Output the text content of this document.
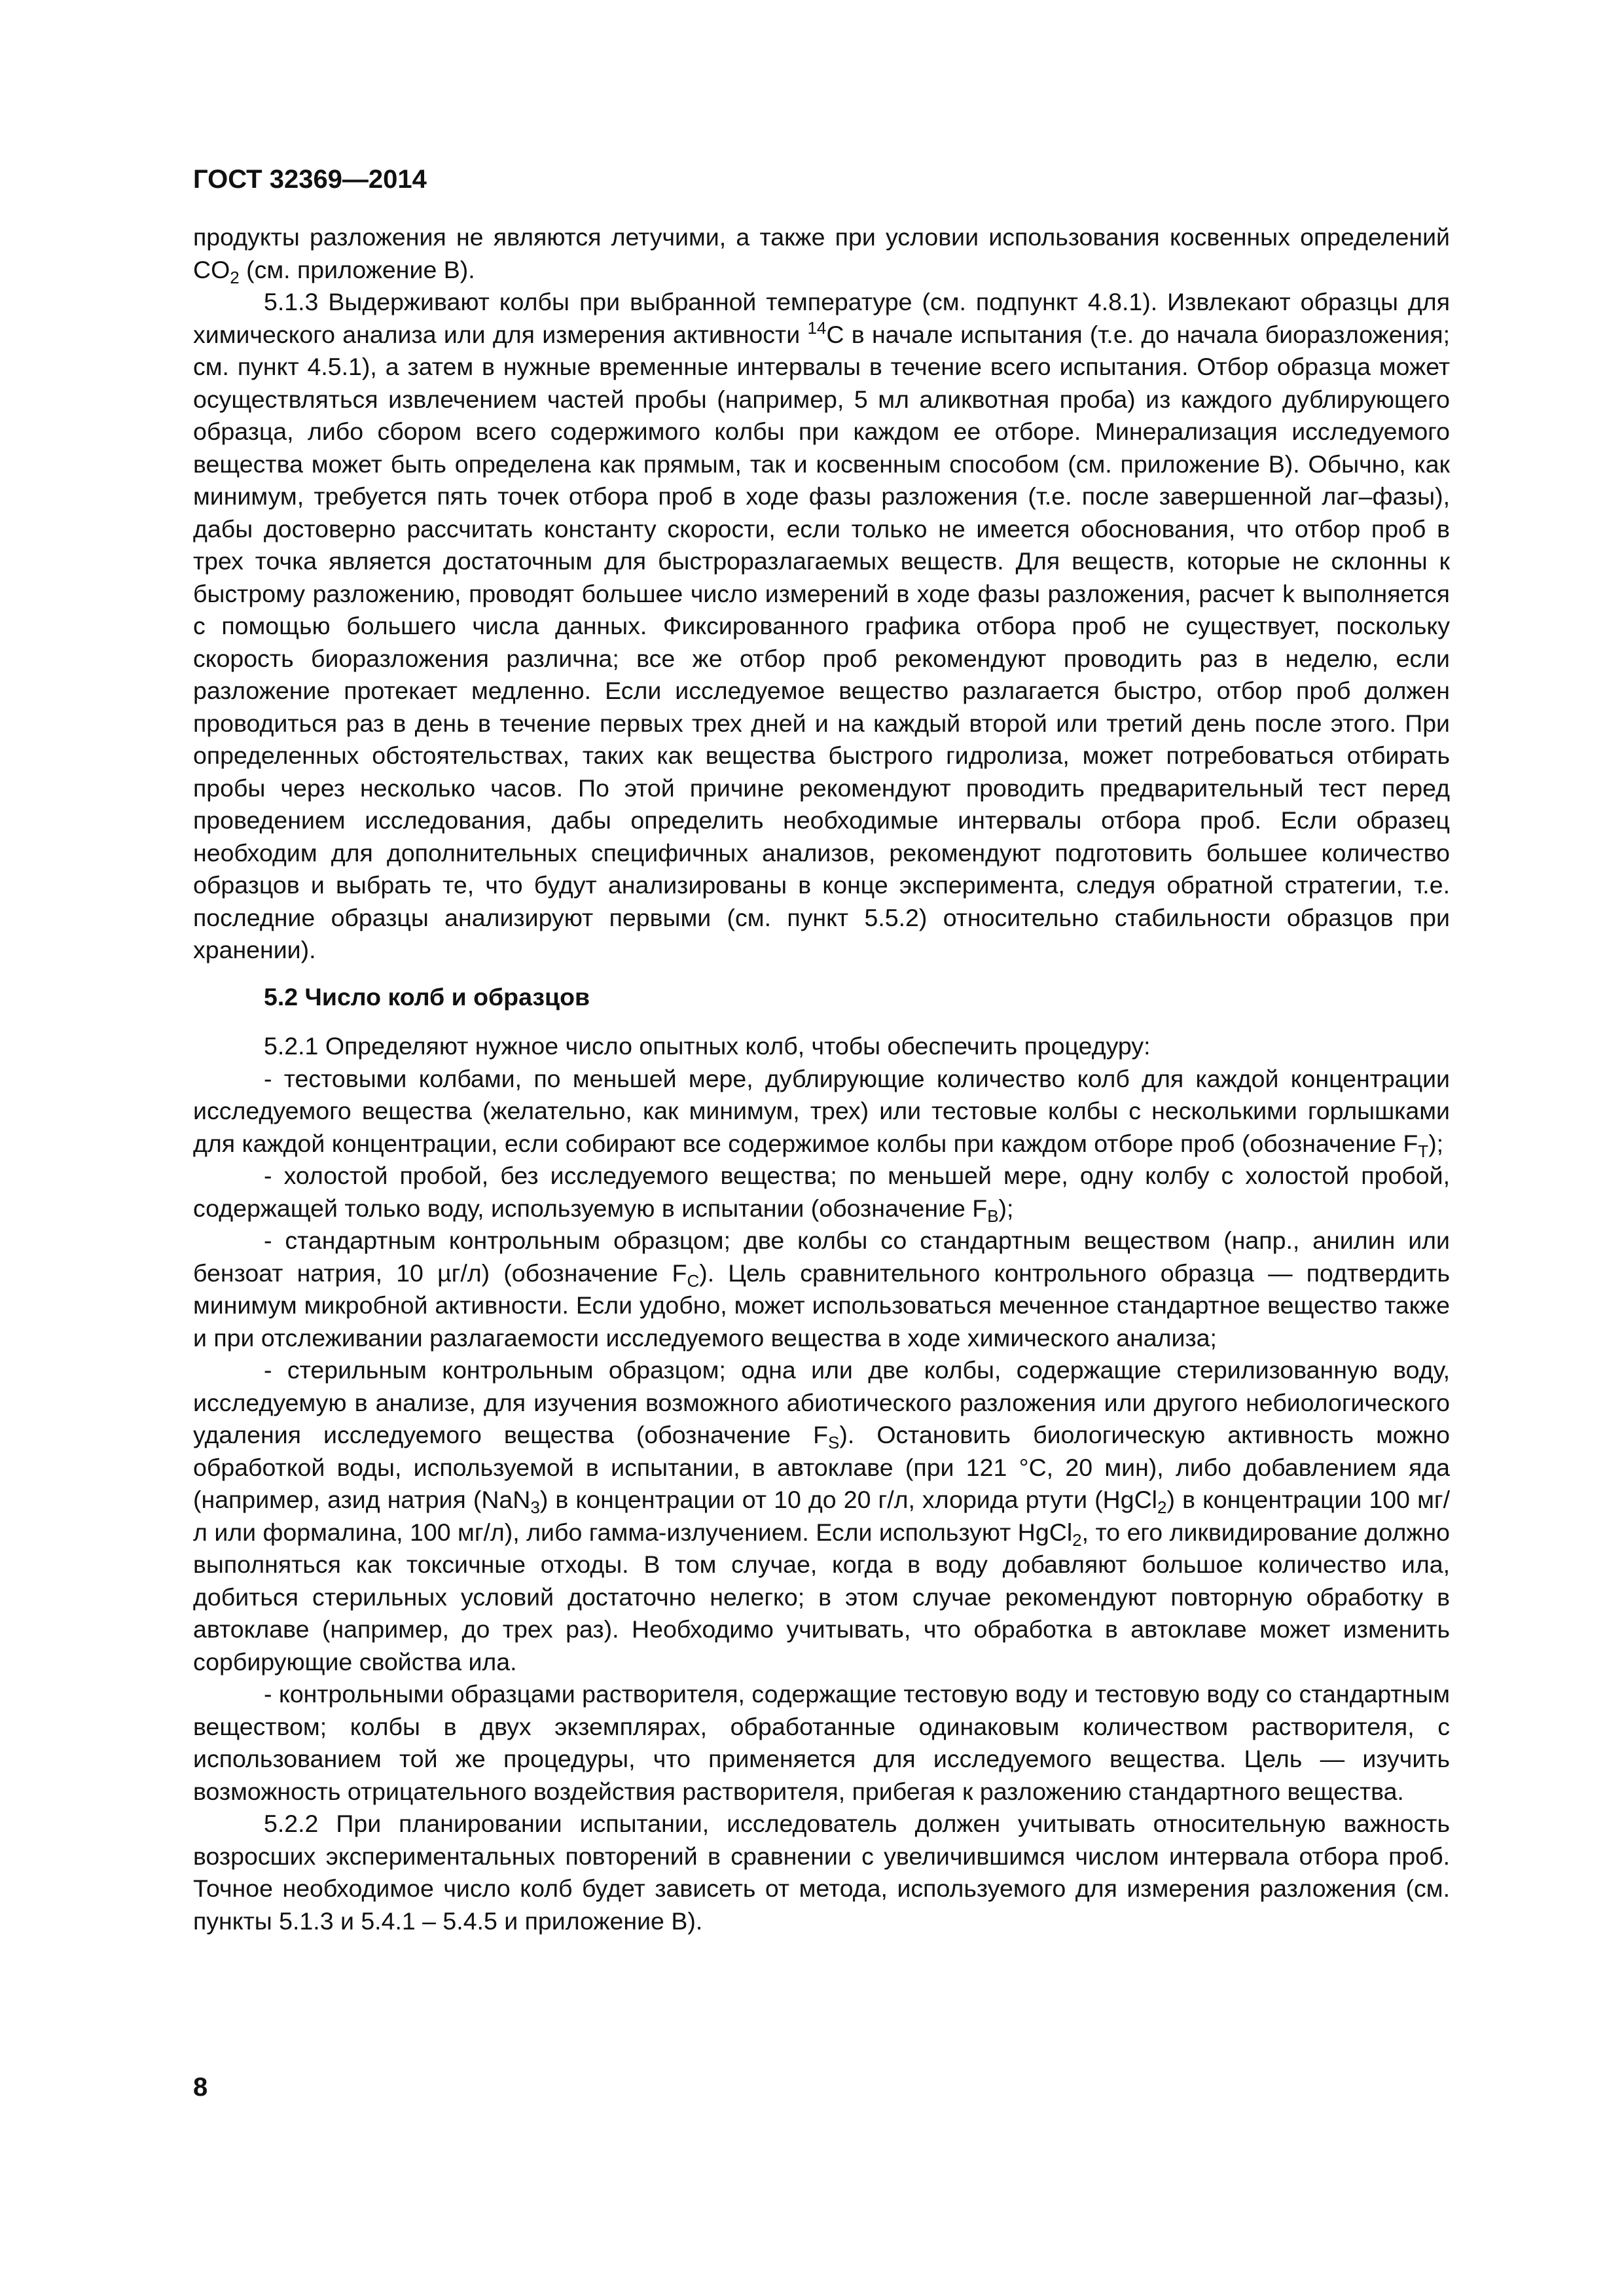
ГОСТ 32369—2014

продукты разложения не являются летучими, а также при условии использования косвенных определений $CO_2$ (см. приложение В).

5.1.3 Выдерживают колбы при выбранной температуре (см. подпункт 4.8.1). Извлекают образцы для химического анализа или для измерения активности $^{14}$C в начале испытания (т.е. до начала биоразложения; см. пункт 4.5.1), а затем в нужные временные интервалы в течение всего испытания. Отбор образца может осуществляться извлечением частей пробы (например, 5 мл аликвотная проба) из каждого дублирующего образца, либо сбором всего содержимого колбы при каждом ее отборе. Минерализация исследуемого вещества может быть определена как прямым, так и косвенным способом (см. приложение В). Обычно, как минимум, требуется пять точек отбора проб в ходе фазы разложения (т.е. после завершенной лаг–фазы), дабы достоверно рассчитать константу скорости, если только не имеется обоснования, что отбор проб в трех точка является достаточным для быстроразлагаемых веществ. Для веществ, которые не склонны к быстрому разложению, проводят большее число измерений в ходе фазы разложения, расчет k выполняется с помощью большего числа данных. Фиксированного графика отбора проб не существует, поскольку скорость биоразложения различна; все же отбор проб рекомендуют проводить раз в неделю, если разложение протекает медленно. Если исследуемое вещество разлагается быстро, отбор проб должен проводиться раз в день в течение первых трех дней и на каждый второй или третий день после этого. При определенных обстоятельствах, таких как вещества быстрого гидролиза, может потребоваться отбирать пробы через несколько часов. По этой причине рекомендуют проводить предварительный тест перед проведением исследования, дабы определить необходимые интервалы отбора проб. Если образец необходим для дополнительных специфичных анализов, рекомендуют подготовить большее количество образцов и выбрать те, что будут анализированы в конце эксперимента, следуя обратной стратегии, т.е. последние образцы анализируют первыми (см. пункт 5.5.2) относительно стабильности образцов при хранении).

5.2 Число колб и образцов

5.2.1 Определяют нужное число опытных колб, чтобы обеспечить процедуру:

- тестовыми колбами, по меньшей мере, дублирующие количество колб для каждой концентрации исследуемого вещества (желательно, как минимум, трех) или тестовые колбы с несколькими горлышками для каждой концентрации, если собирают все содержимое колбы при каждом отборе проб (обозначение $F_T$);

- холостой пробой, без исследуемого вещества; по меньшей мере, одну колбу с холостой пробой, содержащей только воду, используемую в испытании (обозначение $F_B$);

- стандартным контрольным образцом; две колбы со стандартным веществом (напр., анилин или бензоат натрия, 10 µг/л) (обозначение $F_C$). Цель сравнительного контрольного образца — подтвердить минимум микробной активности. Если удобно, может использоваться меченное стандартное вещество также и при отслеживании разлагаемости исследуемого вещества в ходе химического анализа;

- стерильным контрольным образцом; одна или две колбы, содержащие стерилизованную воду, исследуемую в анализе, для изучения возможного абиотического разложения или другого небиологического удаления исследуемого вещества (обозначение $F_S$). Остановить биологическую активность можно обработкой воды, используемой в испытании, в автоклаве (при 121 °С, 20 мин), либо добавлением яда (например, азид натрия (NaN$_3$) в концентрации от 10 до 20 г/л, хлорида ртути (HgCl$_2$) в концентрации 100 мг/л или формалина, 100 мг/л), либо гамма-излучением. Если используют HgCl$_2$, то его ликвидирование должно выполняться как токсичные отходы. В том случае, когда в воду добавляют большое количество ила, добиться стерильных условий достаточно нелегко; в этом случае рекомендуют повторную обработку в автоклаве (например, до трех раз). Необходимо учитывать, что обработка в автоклаве может изменить сорбирующие свойства ила.

- контрольными образцами растворителя, содержащие тестовую воду и тестовую воду со стандартным веществом; колбы в двух экземплярах, обработанные одинаковым количеством растворителя, с использованием той же процедуры, что применяется для исследуемого вещества. Цель — изучить возможность отрицательного воздействия растворителя, прибегая к разложению стандартного вещества.

5.2.2 При планировании испытании, исследователь должен учитывать относительную важность возросших экспериментальных повторений в сравнении с увеличившимся числом интервала отбора проб. Точное необходимое число колб будет зависеть от метода, используемого для измерения разложения (см. пункты 5.1.3 и 5.4.1 – 5.4.5 и приложение В).

8
